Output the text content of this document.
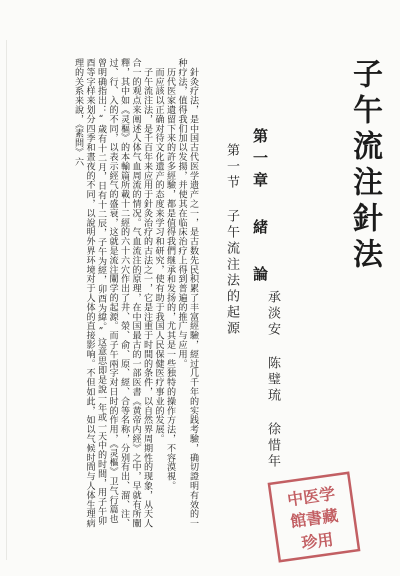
子午流注針法
承淡安 陈璧琉 徐惜年
第一章 緒 論
第一节 子午流注法的起源
　針灸疗法，是中国古代医学遗产之一，是古数先民积累了丰富經驗，經过几千年的实践考驗，确切證明有效的一
种疗法，值得我们加以发揚，并使其在临床治疗上得到普遍的推广与应用。
　历代医家遺留下来的許多經驗，都是值得我們继承和发扬的，尤其是一些独特的操作方法，不容漠視。
　而应該以正确对待文化遗产的态度来学习和研究，使有助于我国人民保健医疗事业的发展。
　子午流注法，是千百年来应用于針灸治疗的古法之一，它是注重于时間的条件，以自然界周期性的现象，从天人
合一的观点来阐述人体气血周流的情况。气血流注的原理，在中国最古的一部医書《黄帝内經》之中，早就有所闡
釋，其中如《灵樞》的本輸篇所載十二經的六十六穴作出了井、滎、俞、原、經、合等名称，分别有出、溜、注、
过、行、入的不同，以表示經气的盛衰，这就是流注闡学的起源。而子午兩字对日时的作用，《灵樞》卫气行篇也
曾明确指出：“歲有十二月，日有十二辰，子午为經，卯酉为緯。”这意思即是說一年或一天中的时間，用子午卯
酉等字样来划分四季和晝夜的不同，以說明外界环境对于人体的直接影响。不但如此，如以气候时間与人体生理病
理的关系来說，《素問》六
中医学
館書藏
珍用
